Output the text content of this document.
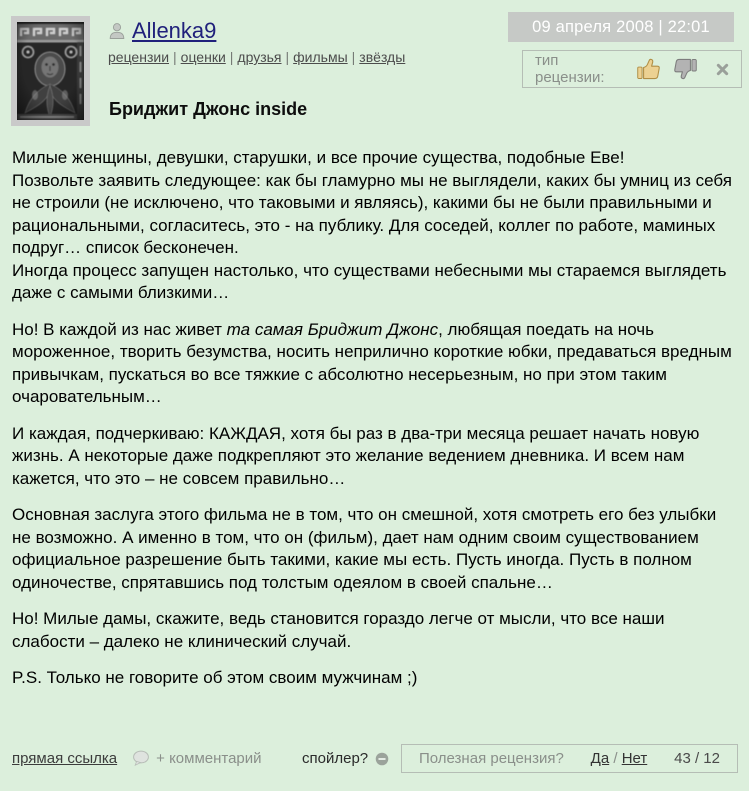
Allenka9
рецензии | оценки | друзья | фильмы | звёзды
09 апреля 2008 | 22:01
тип рецензии:
Бриджит Джонс inside

Милые женщины, девушки, старушки, и все прочие существа, подобные Еве!
Позвольте заявить следующее: как бы гламурно мы не выглядели, каких бы умниц из себя не строили (не исключено, что таковыми и являясь), какими бы не были правильными и рациональными, согласитесь, это - на публику. Для соседей, коллег по работе, маминых подруг… список бесконечен.
Иногда процесс запущен настолько, что существами небесными мы стараемся выглядеть даже с самыми близкими…

Но! В каждой из нас живет та самая Бриджит Джонс, любящая поедать на ночь мороженное, творить безумства, носить неприлично короткие юбки, предаваться вредным привычкам, пускаться во все тяжкие с абсолютно несерьезным, но при этом таким очаровательным…

И каждая, подчеркиваю: КАЖДАЯ, хотя бы раз в два-три месяца решает начать новую жизнь. А некоторые даже подкрепляют это желание ведением дневника. И всем нам кажется, что это – не совсем правильно…

Основная заслуга этого фильма не в том, что он смешной, хотя смотреть его без улыбки не возможно. А именно в том, что он (фильм), дает нам одним своим существованием официальное разрешение быть такими, какие мы есть. Пусть иногда. Пусть в полном одиночестве, спрятавшись под толстым одеялом в своей спальне…

Но! Милые дамы, скажите, ведь становится гораздо легче от мысли, что все наши слабости – далеко не клинический случай.

P.S. Только не говорите об этом своим мужчинам ;)

прямая ссылка	+ комментарий	спойлер?	Полезная рецензия? Да / Нет 43 / 12
